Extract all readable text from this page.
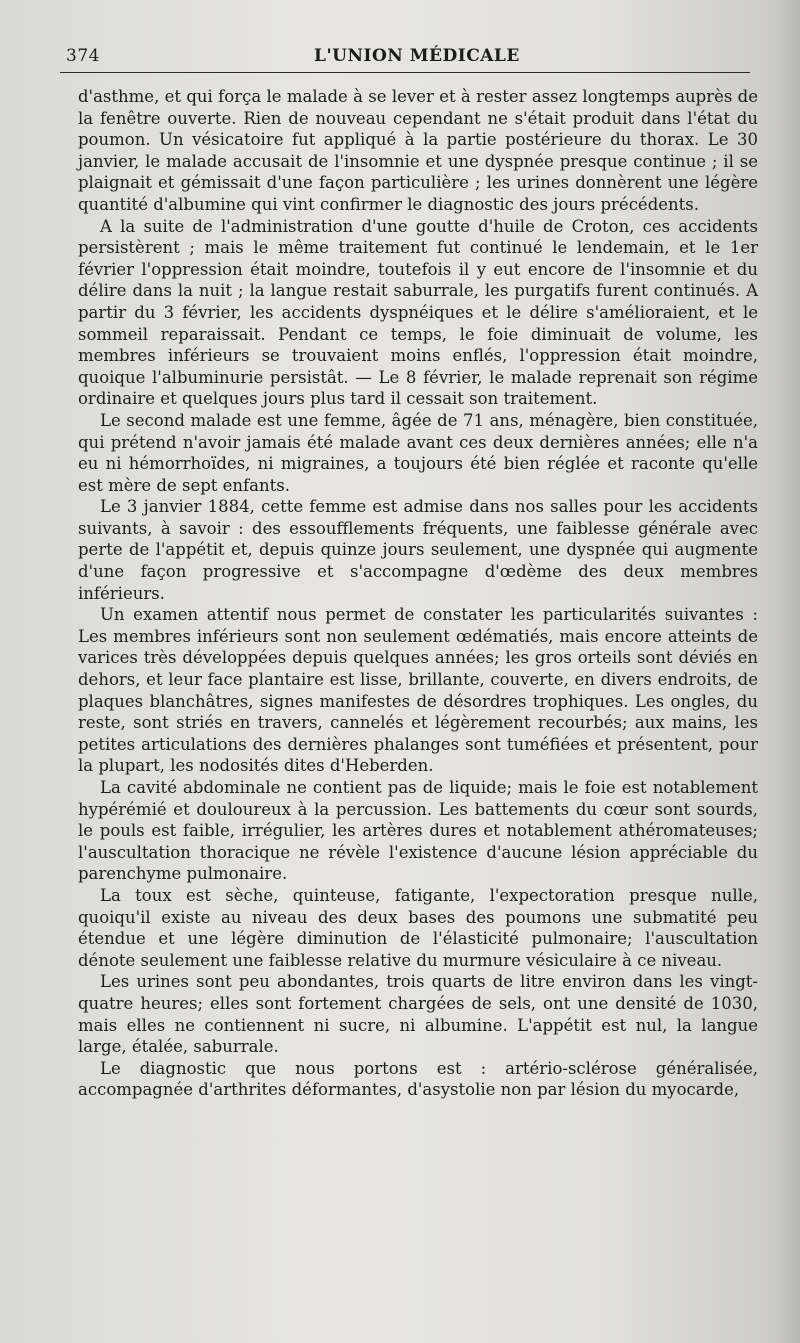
374	L'UNION MÉDICALE

d'asthme, et qui força le malade à se lever et à rester assez longtemps auprès de la fenêtre ouverte. Rien de nouveau cependant ne s'était produit dans l'état du poumon. Un vésicatoire fut appliqué à la partie postérieure du thorax. Le 30 janvier, le malade accusait de l'insomnie et une dyspnée presque continue ; il se plaignait et gémissait d'une façon particulière ; les urines donnèrent une légère quantité d'albumine qui vint confirmer le diagnostic des jours précédents.

A la suite de l'administration d'une goutte d'huile de Croton, ces accidents persistèrent ; mais le même traitement fut continué le lendemain, et le 1er février l'oppression était moindre, toutefois il y eut encore de l'insomnie et du délire dans la nuit ; la langue restait saburrale, les purgatifs furent continués. A partir du 3 février, les accidents dyspnéiques et le délire s'amélioraient, et le sommeil reparaissait. Pendant ce temps, le foie diminuait de volume, les membres inférieurs se trouvaient moins enflés, l'oppression était moindre, quoique l'albuminurie persistât. — Le 8 février, le malade reprenait son régime ordinaire et quelques jours plus tard il cessait son traitement.

Le second malade est une femme, âgée de 71 ans, ménagère, bien constituée, qui prétend n'avoir jamais été malade avant ces deux dernières années; elle n'a eu ni hémorrhoïdes, ni migraines, a toujours été bien réglée et raconte qu'elle est mère de sept enfants.

Le 3 janvier 1884, cette femme est admise dans nos salles pour les accidents suivants, à savoir : des essoufflements fréquents, une faiblesse générale avec perte de l'appétit et, depuis quinze jours seulement, une dyspnée qui augmente d'une façon progressive et s'accompagne d'œdème des deux membres inférieurs.

Un examen attentif nous permet de constater les particularités suivantes : Les membres inférieurs sont non seulement œdématiés, mais encore atteints de varices très développées depuis quelques années; les gros orteils sont déviés en dehors, et leur face plantaire est lisse, brillante, couverte, en divers endroits, de plaques blanchâtres, signes manifestes de désordres trophiques. Les ongles, du reste, sont striés en travers, cannelés et légèrement recourbés; aux mains, les petites articulations des dernières phalanges sont tuméfiées et présentent, pour la plupart, les nodosités dites d'Heberden.

La cavité abdominale ne contient pas de liquide; mais le foie est notablement hypérémié et douloureux à la percussion. Les battements du cœur sont sourds, le pouls est faible, irrégulier, les artères dures et notablement athéromateuses; l'auscultation thoracique ne révèle l'existence d'aucune lésion appréciable du parenchyme pulmonaire.

La toux est sèche, quinteuse, fatigante, l'expectoration presque nulle, quoiqu'il existe au niveau des deux bases des poumons une submatité peu étendue et une légère diminution de l'élasticité pulmonaire; l'auscultation dénote seulement une faiblesse relative du murmure vésiculaire à ce niveau.

Les urines sont peu abondantes, trois quarts de litre environ dans les vingt-quatre heures; elles sont fortement chargées de sels, ont une densité de 1030, mais elles ne contiennent ni sucre, ni albumine. L'appétit est nul, la langue large, étalée, saburrale.

Le diagnostic que nous portons est : artério-sclérose généralisée, accompagnée d'arthrites déformantes, d'asystolie non par lésion du myocarde,
